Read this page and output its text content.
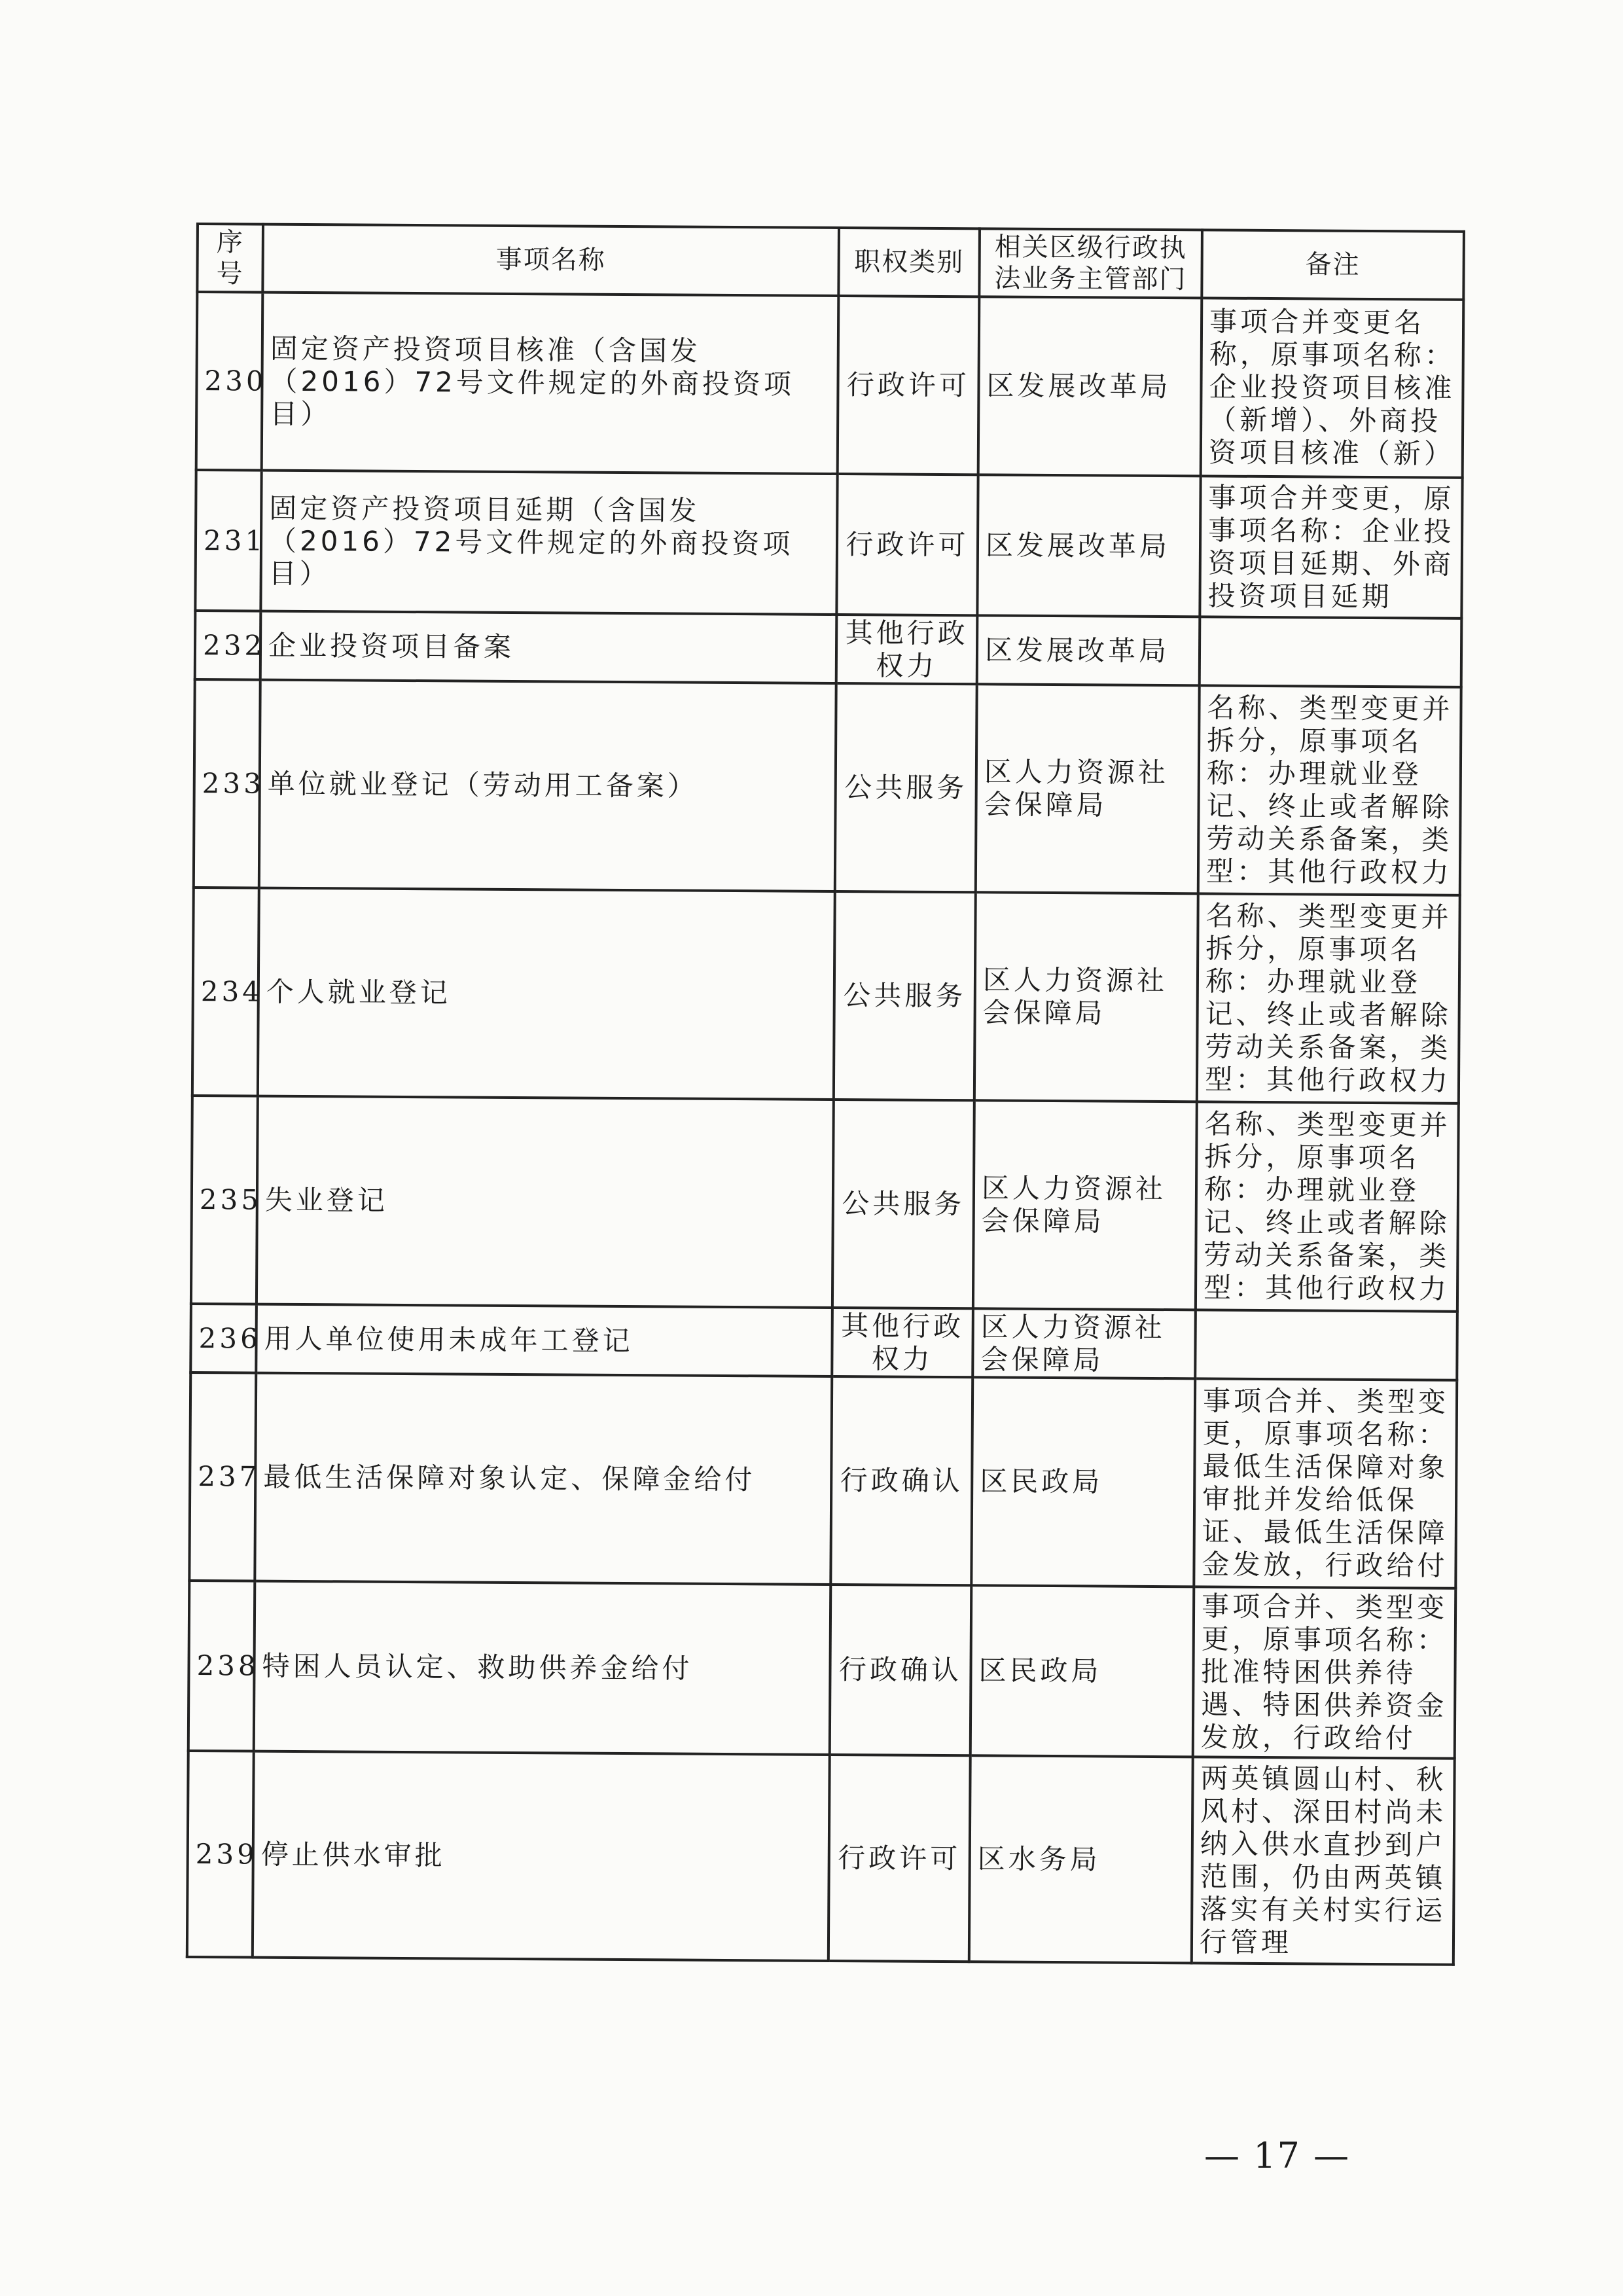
序号	事项名称	职权类别	相关区级行政执法业务主管部门	备注
230	固定资产投资项目核准（含国发（2016）72号文件规定的外商投资项目）	行政许可	区发展改革局	事项合并变更名称，原事项名称：企业投资项目核准（新增）、外商投资项目核准（新）
231	固定资产投资项目延期（含国发（2016）72号文件规定的外商投资项目）	行政许可	区发展改革局	事项合并变更，原事项名称：企业投资项目延期、外商投资项目延期
232	企业投资项目备案	其他行政权力	区发展改革局	
233	单位就业登记（劳动用工备案）	公共服务	区人力资源社会保障局	名称、类型变更并拆分，原事项名称：办理就业登记、终止或者解除劳动关系备案，类型：其他行政权力
234	个人就业登记	公共服务	区人力资源社会保障局	名称、类型变更并拆分，原事项名称：办理就业登记、终止或者解除劳动关系备案，类型：其他行政权力
235	失业登记	公共服务	区人力资源社会保障局	名称、类型变更并拆分，原事项名称：办理就业登记、终止或者解除劳动关系备案，类型：其他行政权力
236	用人单位使用未成年工登记	其他行政权力	区人力资源社会保障局	
237	最低生活保障对象认定、保障金给付	行政确认	区民政局	事项合并、类型变更，原事项名称：最低生活保障对象审批并发给低保证、最低生活保障金发放，行政给付
238	特困人员认定、救助供养金给付	行政确认	区民政局	事项合并、类型变更，原事项名称：批准特困供养待遇、特困供养资金发放，行政给付
239	停止供水审批	行政许可	区水务局	两英镇圆山村、秋风村、深田村尚未纳入供水直抄到户范围，仍由两英镇落实有关村实行运行管理
— 17 —
